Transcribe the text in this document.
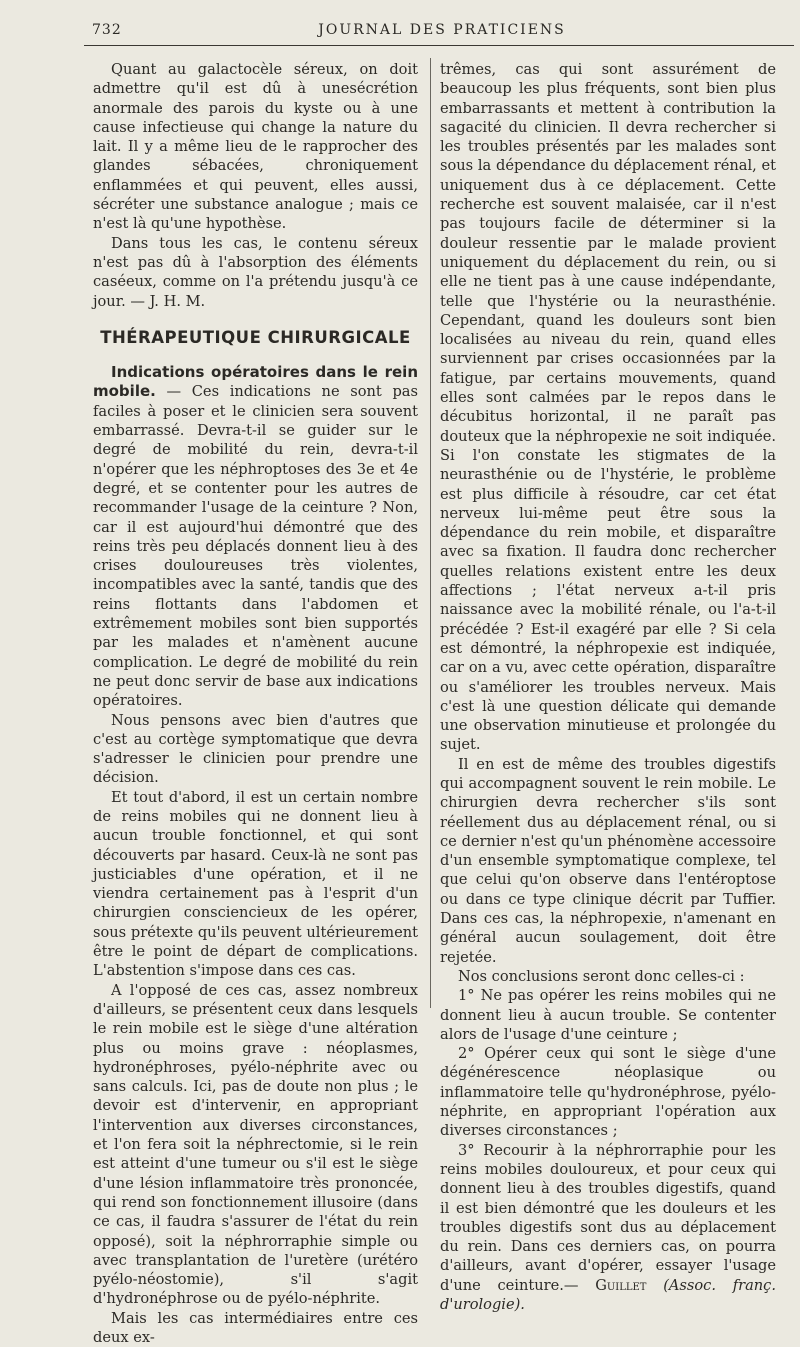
732	JOURNAL DES PRATICIENS

Quant au galactocèle séreux, on doit admettre qu'il est dû à unesécrétion anormale des parois du kyste ou à une cause infectieuse qui change la nature du lait. Il y a même lieu de le rapprocher des glandes sébacées, chroniquement enflammées et qui peuvent, elles aussi, sécréter une substance analogue ; mais ce n'est là qu'une hypothèse.

Dans tous les cas, le contenu séreux n'est pas dû à l'absorption des éléments caséeux, comme on l'a prétendu jusqu'à ce jour. — J. H. M.

THÉRAPEUTIQUE CHIRURGICALE

Indications opératoires dans le rein mobile. — Ces indications ne sont pas faciles à poser et le clinicien sera souvent embarrassé. Devra-t-il se guider sur le degré de mobilité du rein, devra-t-il n'opérer que les néphroptoses des 3e et 4e degré, et se contenter pour les autres de recommander l'usage de la ceinture ? Non, car il est aujourd'hui démontré que des reins très peu déplacés donnent lieu à des crises douloureuses très violentes, incompatibles avec la santé, tandis que des reins flottants dans l'abdomen et extrêmement mobiles sont bien supportés par les malades et n'amènent aucune complication. Le degré de mobilité du rein ne peut donc servir de base aux indications opératoires.

Nous pensons avec bien d'autres que c'est au cortège symptomatique que devra s'adresser le clinicien pour prendre une décision.

Et tout d'abord, il est un certain nombre de reins mobiles qui ne donnent lieu à aucun trouble fonctionnel, et qui sont découverts par hasard. Ceux-là ne sont pas justiciables d'une opération, et il ne viendra certainement pas à l'esprit d'un chirurgien consciencieux de les opérer, sous prétexte qu'ils peuvent ultérieurement être le point de départ de complications. L'abstention s'impose dans ces cas.

A l'opposé de ces cas, assez nombreux d'ailleurs, se présentent ceux dans lesquels le rein mobile est le siège d'une altération plus ou moins grave : néoplasmes, hydronéphroses, pyélo-néphrite avec ou sans calculs. Ici, pas de doute non plus ; le devoir est d'intervenir, en appropriant l'intervention aux diverses circonstances, et l'on fera soit la néphrectomie, si le rein est atteint d'une tumeur ou s'il est le siège d'une lésion inflammatoire très prononcée, qui rend son fonctionnement illusoire (dans ce cas, il faudra s'assurer de l'état du rein opposé), soit la néphrorraphie simple ou avec transplantation de l'uretère (urétéro pyélo-néostomie), s'il s'agit d'hydronéphrose ou de pyélo-néphrite.

Mais les cas intermédiaires entre ces deux ex-

trêmes, cas qui sont assurément de beaucoup les plus fréquents, sont bien plus embarrassants et mettent à contribution la sagacité du clinicien. Il devra rechercher si les troubles présentés par les malades sont sous la dépendance du déplacement rénal, et uniquement dus à ce déplacement. Cette recherche est souvent malaisée, car il n'est pas toujours facile de déterminer si la douleur ressentie par le malade provient uniquement du déplacement du rein, ou si elle ne tient pas à une cause indépendante, telle que l'hystérie ou la neurasthénie. Cependant, quand les douleurs sont bien localisées au niveau du rein, quand elles surviennent par crises occasionnées par la fatigue, par certains mouvements, quand elles sont calmées par le repos dans le décubitus horizontal, il ne paraît pas douteux que la néphropexie ne soit indiquée. Si l'on constate les stigmates de la neurasthénie ou de l'hystérie, le problème est plus difficile à résoudre, car cet état nerveux lui-même peut être sous la dépendance du rein mobile, et disparaître avec sa fixation. Il faudra donc rechercher quelles relations existent entre les deux affections ; l'état nerveux a-t-il pris naissance avec la mobilité rénale, ou l'a-t-il précédée ? Est-il exagéré par elle ? Si cela est démontré, la néphropexie est indiquée, car on a vu, avec cette opération, disparaître ou s'améliorer les troubles nerveux. Mais c'est là une question délicate qui demande une observation minutieuse et prolongée du sujet.

Il en est de même des troubles digestifs qui accompagnent souvent le rein mobile. Le chirurgien devra rechercher s'ils sont réellement dus au déplacement rénal, ou si ce dernier n'est qu'un phénomène accessoire d'un ensemble symptomatique complexe, tel que celui qu'on observe dans l'entéroptose ou dans ce type clinique décrit par Tuffier. Dans ces cas, la néphropexie, n'amenant en général aucun soulagement, doit être rejetée.

Nos conclusions seront donc celles-ci :

1° Ne pas opérer les reins mobiles qui ne donnent lieu à aucun trouble. Se contenter alors de l'usage d'une ceinture ;

2° Opérer ceux qui sont le siège d'une dégénérescence néoplasique ou inflammatoire telle qu'hydronéphrose, pyélo-néphrite, en appropriant l'opération aux diverses circonstances ;

3° Recourir à la néphrorraphie pour les reins mobiles douloureux, et pour ceux qui donnent lieu à des troubles digestifs, quand il est bien démontré que les douleurs et les troubles digestifs sont dus au déplacement du rein. Dans ces derniers cas, on pourra d'ailleurs, avant d'opérer, essayer l'usage d'une ceinture.— Guillet (Assoc. franç. d'urologie).
